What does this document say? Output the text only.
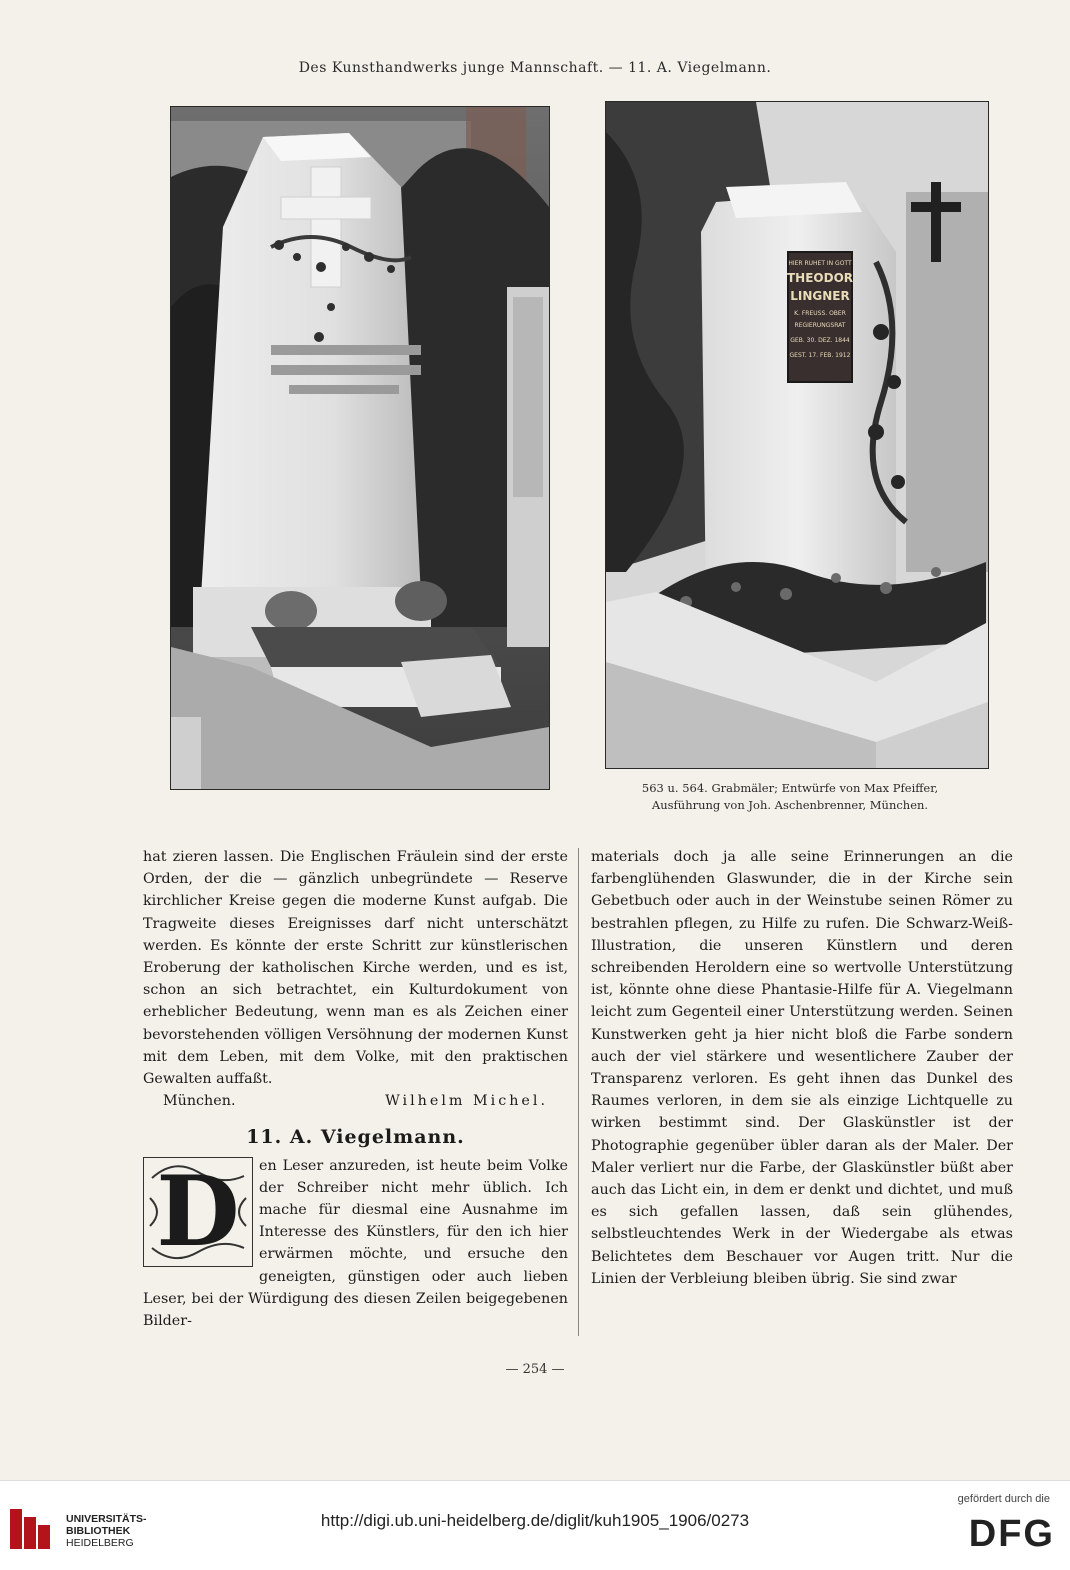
Des Kunsthandwerks junge Mannschaft. — 11. A. Viegelmann.
HIER RUHET IN GOTT
THEODOR
LINGNER
K. FREUSS. OBER
REGIERUNGSRAT
GEB. 30. DEZ. 1844
GEST. 17. FEB. 1912
563 u. 564. Grabmäler; Entwürfe von Max Pfeiffer,
Ausführung von Joh. Aschenbrenner, München.

hat zieren lassen. Die Englischen Fräulein sind der erste Orden, der die — gänzlich unbegründete — Reserve kirchlicher Kreise gegen die moderne Kunst aufgab. Die Tragweite dieses Ereignisses darf nicht unterschätzt werden. Es könnte der erste Schritt zur künstlerischen Eroberung der katholischen Kirche werden, und es ist, schon an sich betrachtet, ein Kulturdokument von erheblicher Bedeutung, wenn man es als Zeichen einer bevorstehenden völligen Versöhnung der modernen Kunst mit dem Leben, mit dem Volke, mit den praktischen Gewalten auffaßt.

München.	Wilhelm Michel.
11. A. Viegelmann.
D	en Leser anzureden, ist heute beim Volke der Schreiber nicht mehr üblich. Ich mache für diesmal eine Ausnahme im Interesse des Künstlers, für den ich hier erwärmen möchte, und ersuche den geneigten, günstigen oder auch lieben Leser, bei der Würdigung des diesen Zeilen beigegebenen Bilder-

materials doch ja alle seine Erinnerungen an die farbenglühenden Glaswunder, die in der Kirche sein Gebetbuch oder auch in der Weinstube seinen Römer zu bestrahlen pflegen, zu Hilfe zu rufen. Die Schwarz-Weiß-Illustration, die unseren Künstlern und deren schreibenden Heroldern eine so wertvolle Unterstützung ist, könnte ohne diese Phantasie-Hilfe für A. Viegelmann leicht zum Gegenteil einer Unterstützung werden. Seinen Kunstwerken geht ja hier nicht bloß die Farbe sondern auch der viel stärkere und wesentlichere Zauber der Transparenz verloren. Es geht ihnen das Dunkel des Raumes verloren, in dem sie als einzige Lichtquelle zu wirken bestimmt sind. Der Glaskünstler ist der Photographie gegenüber übler daran als der Maler. Der Maler verliert nur die Farbe, der Glaskünstler büßt aber auch das Licht ein, in dem er denkt und dichtet, und muß es sich gefallen lassen, daß sein glühendes, selbstleuchtendes Werk in der Wiedergabe als etwas Belichtetes dem Beschauer vor Augen tritt. Nur die Linien der Verbleiung bleiben übrig. Sie sind zwar

— 254 —
UNIVERSITÄTS-
BIBLIOTHEK
HEIDELBERG
http://digi.ub.uni-heidelberg.de/diglit/kuh1905_1906/0273
gefördert durch die
DFG
